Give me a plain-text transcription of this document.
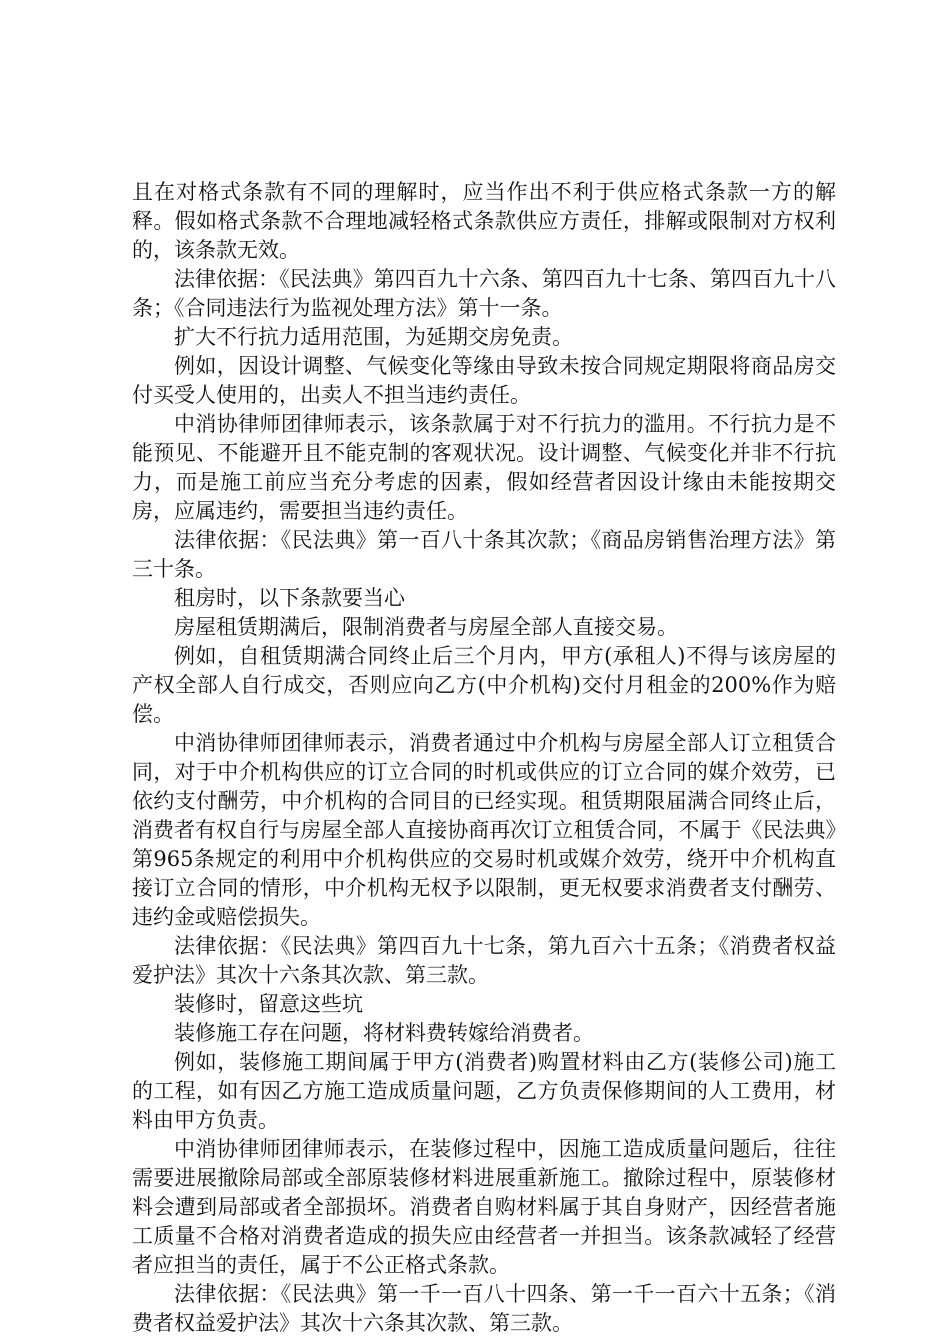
且在对格式条款有不同的理解时，应当作出不利于供应格式条款一方的解释。假如格式条款不合理地减轻格式条款供应方责任，排解或限制对方权利的，该条款无效。

法律依据：《民法典》第四百九十六条、第四百九十七条、第四百九十八条；《合同违法行为监视处理方法》第十一条。

扩大不行抗力适用范围，为延期交房免责。

例如，因设计调整、气候变化等缘由导致未按合同规定期限将商品房交付买受人使用的，出卖人不担当违约责任。

中消协律师团律师表示，该条款属于对不行抗力的滥用。不行抗力是不能预见、不能避开且不能克制的客观状况。设计调整、气候变化并非不行抗力，而是施工前应当充分考虑的因素，假如经营者因设计缘由未能按期交房，应属违约，需要担当违约责任。

法律依据：《民法典》第一百八十条其次款；《商品房销售治理方法》第三十条。

租房时，以下条款要当心

房屋租赁期满后，限制消费者与房屋全部人直接交易。

例如，自租赁期满合同终止后三个月内，甲方(承租人)不得与该房屋的产权全部人自行成交，否则应向乙方(中介机构)交付月租金的200%作为赔偿。

中消协律师团律师表示，消费者通过中介机构与房屋全部人订立租赁合同，对于中介机构供应的订立合同的时机或供应的订立合同的媒介效劳，已依约支付酬劳，中介机构的合同目的已经实现。租赁期限届满合同终止后，消费者有权自行与房屋全部人直接协商再次订立租赁合同，不属于《民法典》第965条规定的利用中介机构供应的交易时机或媒介效劳，绕开中介机构直接订立合同的情形，中介机构无权予以限制，更无权要求消费者支付酬劳、违约金或赔偿损失。

法律依据：《民法典》第四百九十七条，第九百六十五条；《消费者权益爱护法》其次十六条其次款、第三款。

装修时，留意这些坑

装修施工存在问题，将材料费转嫁给消费者。

例如，装修施工期间属于甲方(消费者)购置材料由乙方(装修公司)施工的工程，如有因乙方施工造成质量问题，乙方负责保修期间的人工费用，材料由甲方负责。

中消协律师团律师表示，在装修过程中，因施工造成质量问题后，往往需要进展撤除局部或全部原装修材料进展重新施工。撤除过程中，原装修材料会遭到局部或者全部损坏。消费者自购材料属于其自身财产，因经营者施工质量不合格对消费者造成的损失应由经营者一并担当。该条款减轻了经营者应担当的责任，属于不公正格式条款。

法律依据：《民法典》第一千一百八十四条、第一千一百六十五条；《消费者权益爱护法》其次十六条其次款、第三款。
